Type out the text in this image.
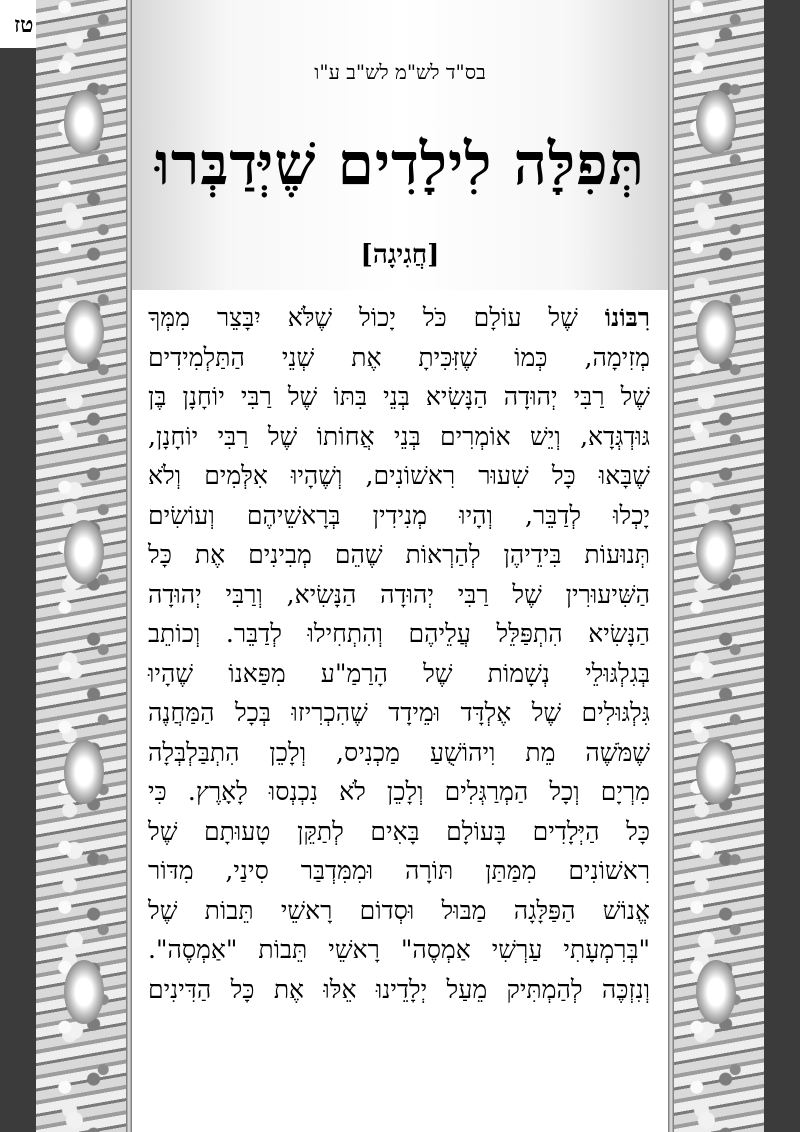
טז
בס"ד לש"מ לש"ב ע"ו
תְּפִלָּה לִילָדִים שֶׁיְּדַבְּרוּ
[חֲגִיגָה]
רִבּוֹנוֹ שֶׁל עוֹלָם כֹּל יָכוֹל שֶׁלֹּא יִבָּצֵר מִמְּךָ
מְזִימָה, כְּמוֹ שֶׁזִּכִּיתָ אֶת שְׁנֵי הַתַּלְמִידִים
שֶׁל רַבִּי יְהוּדָה הַנָּשִׂיא בְּנֵי בִּתּוֹ שֶׁל רַבִּי יוֹחָנָן בֶּן
גּוּדְגְּדָא, וְיֵשׁ אוֹמְרִים בְּנֵי אֲחוֹתוֹ שֶׁל רַבִּי יוֹחָנָן,
שֶׁבָּאוּ כָּל שִׁעוּר רִאשׁוֹנִים, וְשֶׁהָיוּ אִלְּמִים וְלֹא
יָכְלוּ לְדַבֵּר, וְהָיוּ מְנִידִין בְּרָאשֵׁיהֶם וְעוֹשִׂים
תְּנוּעוֹת בִּידֵיהֶן לְהַרְאוֹת שֶׁהֵם מְבִינִים אֶת כָּל
הַשִּׁיעוּרִין שֶׁל רַבִּי יְהוּדָה הַנָּשִׂיא, וְרַבִּי יְהוּדָה
הַנָּשִׂיא הִתְפַּלֵּל עֲלֵיהֶם וְהִתְחִילוּ לְדַבֵּר. וְכוֹתֵב
בְּגִלְגּוּלֵי נְשָׁמוֹת שֶׁל הָרַמַ"ע מִפַּאנוֹ שֶׁהָיוּ
גִּלְגּוּלִים שֶׁל אֶלְדָּד וּמֵידָד שֶׁהִכְרִיזוּ בְּכָל הַמַּחֲנֶה
שֶׁמֹּשֶׁה מֵת וִיהוֹשֻׁעַ מַכְנִיס, וְלָכֵן הִתְבַּלְבְּלָה
מִרְיָם וְכָל הַמְרַגְּלִים וְלָכֵן לֹא נִכְנְסוּ לָאָרֶץ. כִּי
כָּל הַיְּלָדִים בָּעוֹלָם בָּאִים לְתַקֵּן טָעוּתָם שֶׁל
רִאשׁוֹנִים מִמַּתַּן תּוֹרָה וּמִמִּדְבַּר סִינַי, מִדּוֹר
אֱנוֹשׁ הַפַּלָּגָה מַבּוּל וּסְדוֹם רָאשֵׁי תֵּבוֹת שֶׁל
"בְּרִמְעָתִי עַרְשִׁי אַמְסֶה" רָאשֵׁי תֵּבוֹת "אַמְסֶה".
וְנִזְכֶּה לְהַמְתִּיק מֵעַל יְלָדֵינוּ אֵלּוּ אֶת כָּל הַדִּינִים
